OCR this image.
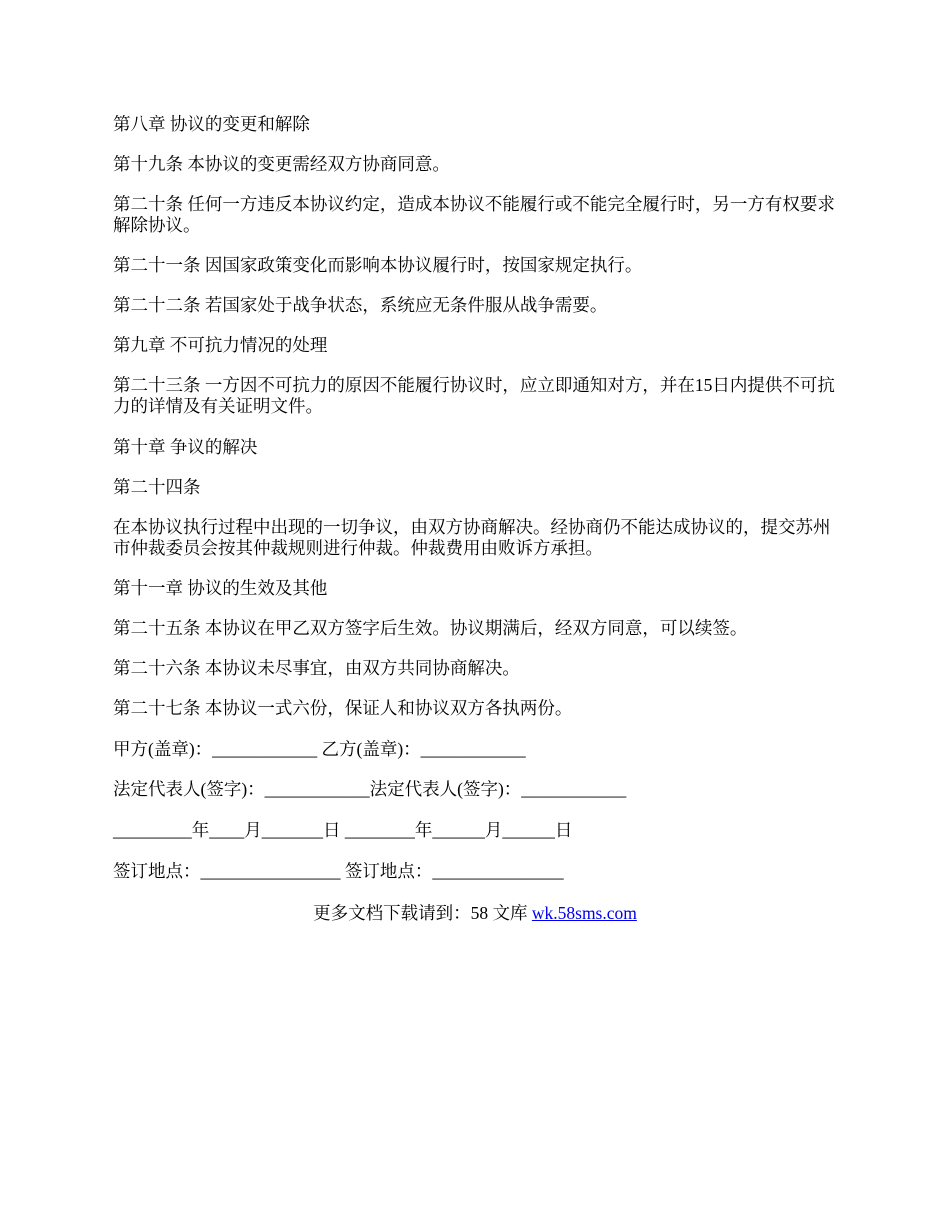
第八章 协议的变更和解除
第十九条 本协议的变更需经双方协商同意。
第二十条 任何一方违反本协议约定，造成本协议不能履行或不能完全履行时，另一方有权要求解除协议。
第二十一条 因国家政策变化而影响本协议履行时，按国家规定执行。
第二十二条 若国家处于战争状态，系统应无条件服从战争需要。
第九章 不可抗力情况的处理
第二十三条 一方因不可抗力的原因不能履行协议时，应立即通知对方，并在15日内提供不可抗力的详情及有关证明文件。
第十章 争议的解决
第二十四条
在本协议执行过程中出现的一切争议，由双方协商解决。经协商仍不能达成协议的，提交苏州市仲裁委员会按其仲裁规则进行仲裁。仲裁费用由败诉方承担。
第十一章 协议的生效及其他
第二十五条 本协议在甲乙双方签字后生效。协议期满后，经双方同意，可以续签。
第二十六条 本协议未尽事宜，由双方共同协商解决。
第二十七条 本协议一式六份，保证人和协议双方各执两份。
甲方(盖章)：____________ 乙方(盖章)：____________
法定代表人(签字)：____________法定代表人(签字)：____________
_________年____月_______日 ________年______月______日
签订地点：________________ 签订地点：_______________
更多文档下载请到：58 文库 wk.58sms.com
